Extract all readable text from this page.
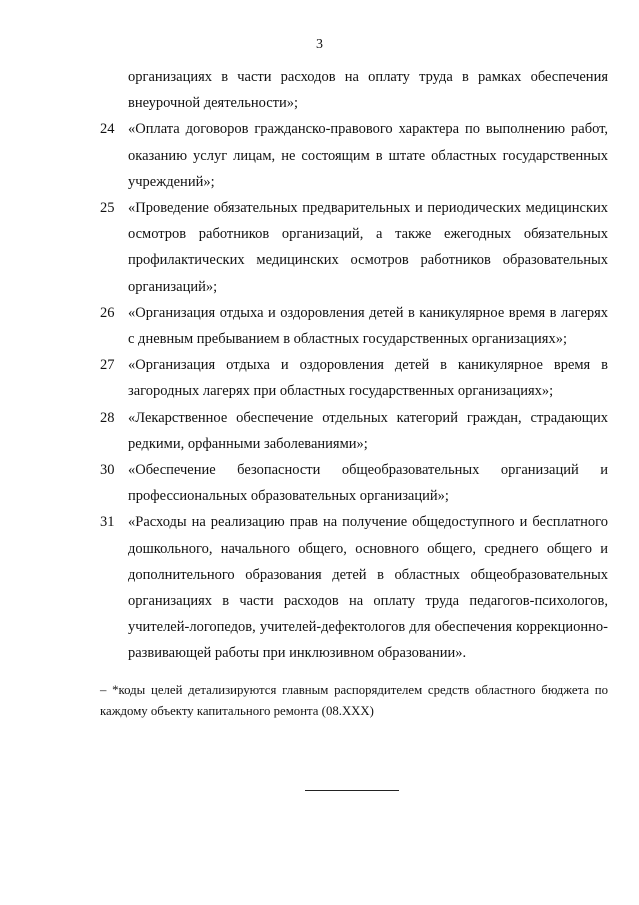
3

организациях в части расходов на оплату труда в рамках обеспечения внеурочной деятельности»;

24 «Оплата договоров гражданско-правового характера по выполнению работ, оказанию услуг лицам, не состоящим в штате областных государственных учреждений»;

25 «Проведение обязательных предварительных и периодических медицинских осмотров работников организаций, а также ежегодных обязательных профилактических медицинских осмотров работников образовательных организаций»;

26 «Организация отдыха и оздоровления детей в каникулярное время в лагерях с дневным пребыванием в областных государственных организациях»;

27 «Организация отдыха и оздоровления детей в каникулярное время в загородных лагерях при областных государственных организациях»;

28 «Лекарственное обеспечение отдельных категорий граждан, страдающих редкими, орфанными заболеваниями»;

30 «Обеспечение безопасности общеобразовательных организаций и профессиональных образовательных организаций»;

31 «Расходы на реализацию прав на получение общедоступного и бесплатного дошкольного, начального общего, основного общего, среднего общего и дополнительного образования детей в областных общеобразовательных организациях в части расходов на оплату труда педагогов-психологов, учителей-логопедов, учителей-дефектологов для обеспечения коррекционно-развивающей работы при инклюзивном образовании».

– *коды целей детализируются главным распорядителем средств областного бюджета по каждому объекту капитального ремонта (08.ХХХ)
